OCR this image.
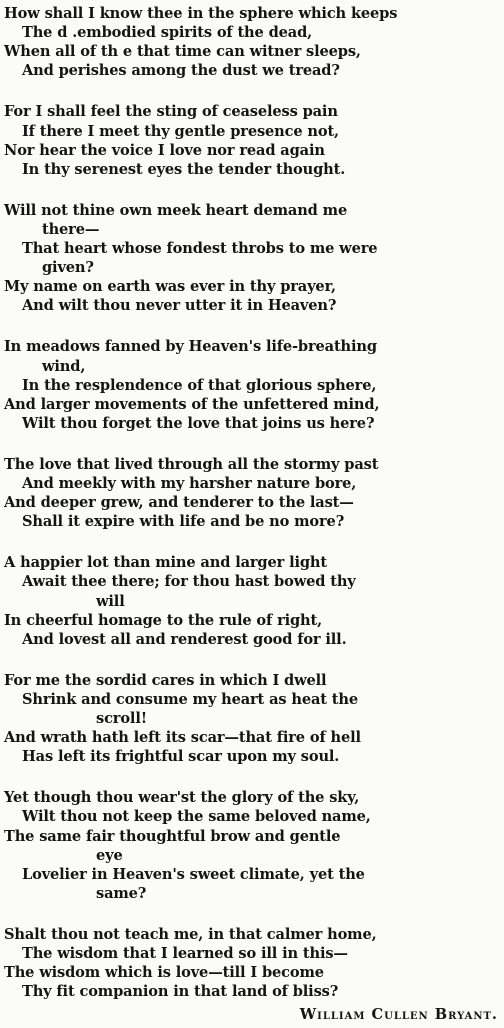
How shall I know thee in the sphere which keeps
The d .embodied spirits of the dead,
When all of th e that time can witner sleeps,
And perishes among the dust we tread?
For I shall feel the sting of ceaseless pain
If there I meet thy gentle presence not,
Nor hear the voice I love nor read again
In thy serenest eyes the tender thought.
Will not thine own meek heart demand me
there—
That heart whose fondest throbs to me were
given?
My name on earth was ever in thy prayer,
And wilt thou never utter it in Heaven?
In meadows fanned by Heaven's life-breathing
wind,
In the resplendence of that glorious sphere,
And larger movements of the unfettered mind,
Wilt thou forget the love that joins us here?
The love that lived through all the stormy past
And meekly with my harsher nature bore,
And deeper grew, and tenderer to the last—
Shall it expire with life and be no more?
A happier lot than mine and larger light
Await thee there; for thou hast bowed thy
will
In cheerful homage to the rule of right,
And lovest all and renderest good for ill.
For me the sordid cares in which I dwell
Shrink and consume my heart as heat the
scroll!
And wrath hath left its scar—that fire of hell
Has left its frightful scar upon my soul.
Yet though thou wear'st the glory of the sky,
Wilt thou not keep the same beloved name,
The same fair thoughtful brow and gentle
eye
Lovelier in Heaven's sweet climate, yet the
same?
Shalt thou not teach me, in that calmer home,
The wisdom that I learned so ill in this—
The wisdom which is love—till I become
Thy fit companion in that land of bliss?
William Cullen Bryant.
